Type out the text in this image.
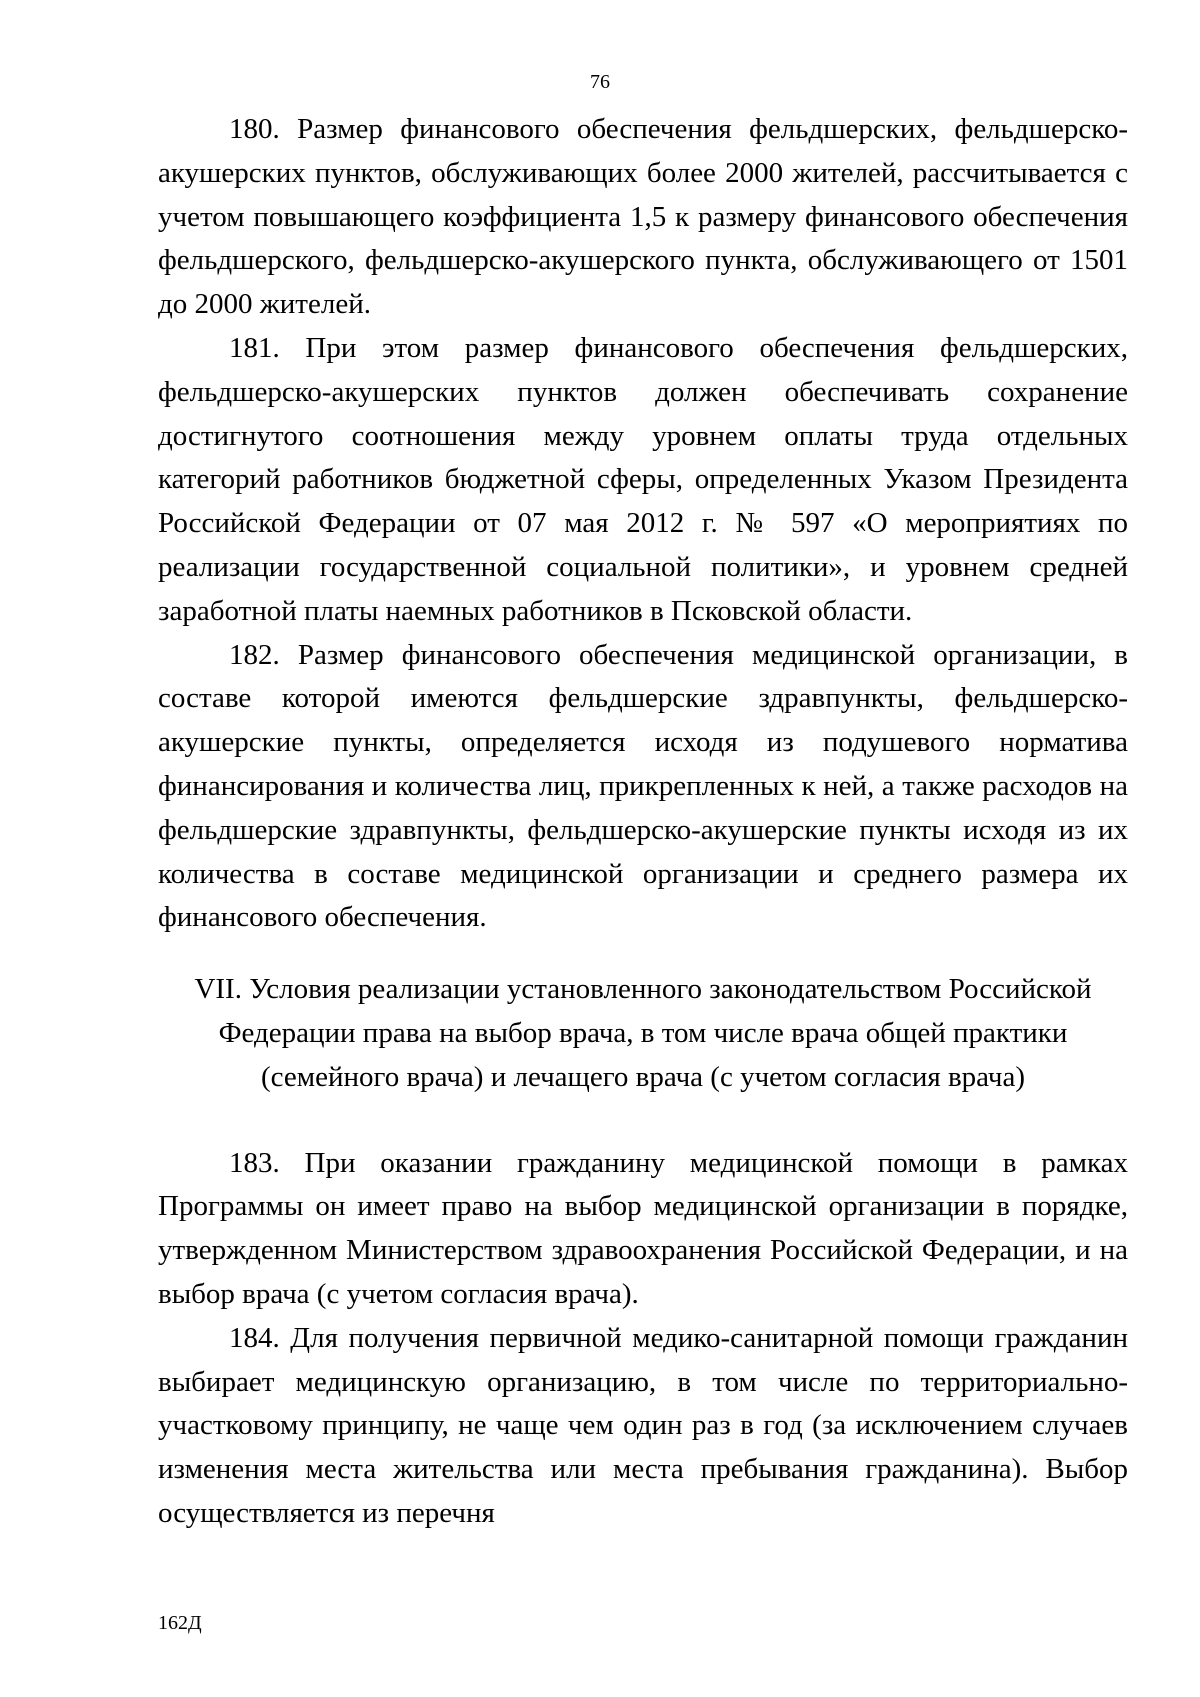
76

180. Размер финансового обеспечения фельдшерских, фельдшерско-акушерских пунктов, обслуживающих более 2000 жителей, рассчитывается с учетом повышающего коэффициента 1,5 к размеру финансового обеспечения фельдшерского, фельдшерско-акушерского пункта, обслуживающего от 1501 до 2000 жителей.

181. При этом размер финансового обеспечения фельдшерских, фельдшерско-акушерских пунктов должен обеспечивать сохранение достигнутого соотношения между уровнем оплаты труда отдельных категорий работников бюджетной сферы, определенных Указом Президента Российской Федерации от 07 мая 2012 г. № 597 «О мероприятиях по реализации государственной социальной политики», и уровнем средней заработной платы наемных работников в Псковской области.

182. Размер финансового обеспечения медицинской организации, в составе которой имеются фельдшерские здравпункты, фельдшерско-акушерские пункты, определяется исходя из подушевого норматива финансирования и количества лиц, прикрепленных к ней, а также расходов на фельдшерские здравпункты, фельдшерско-акушерские пункты исходя из их количества в составе медицинской организации и среднего размера их финансового обеспечения.

VII. Условия реализации установленного законодательством Российской
Федерации права на выбор врача, в том числе врача общей практики
(семейного врача) и лечащего врача (с учетом согласия врача)

183. При оказании гражданину медицинской помощи в рамках Программы он имеет право на выбор медицинской организации в порядке, утвержденном Министерством здравоохранения Российской Федерации, и на выбор врача (с учетом согласия врача).

184. Для получения первичной медико-санитарной помощи гражданин выбирает медицинскую организацию, в том числе по территориально-участковому принципу, не чаще чем один раз в год (за исключением случаев изменения места жительства или места пребывания гражданина). Выбор осуществляется из перечня

162Д
